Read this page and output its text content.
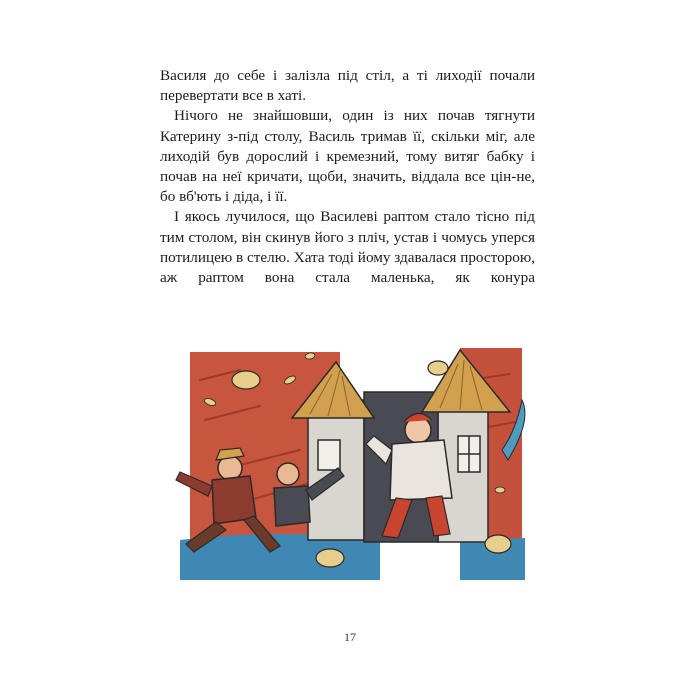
Василя до себе і залізла під стіл, а ті лиходії почали перевертати все в хаті.

Нічого не знайшовши, один із них почав тягнути Катерину з-під столу, Василь тримав її, скільки міг, але лиходій був дорослий і кремезний, тому витяг бабку і почав на неї кричати, щоби, значить, віддала все цін-не, бо вб'ють і діда, і її.

І якось лучилося, що Василеві раптом стало тісно під тим столом, він скинув його з пліч, устав і чомусь уперся потилицею в стелю. Хата тоді йому здавалася просторою, аж раптом вона стала маленька, як конура

17
